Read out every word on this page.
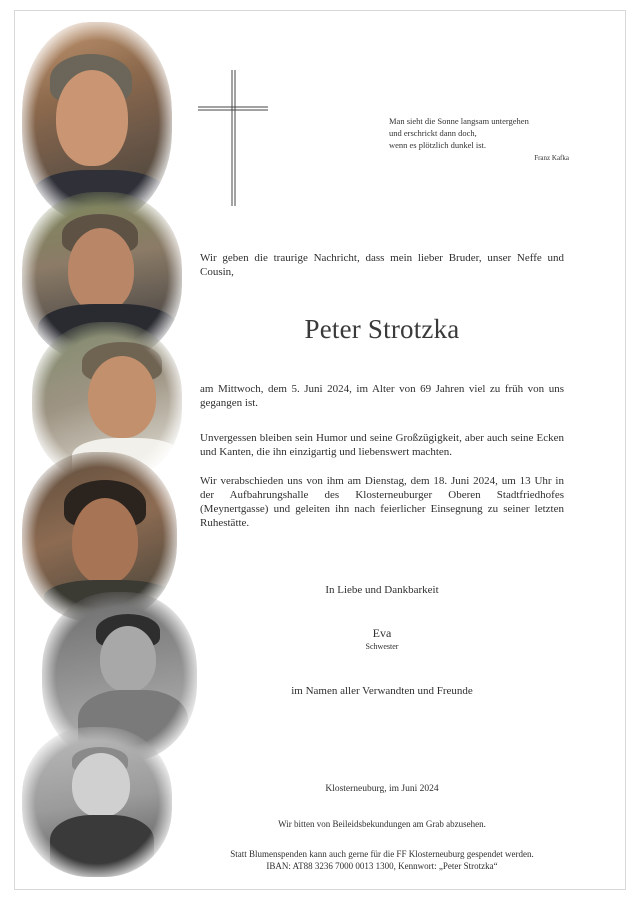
Man sieht die Sonne langsam untergehen
und erschrickt dann doch,
wenn es plötzlich dunkel ist.
Franz Kafka
Wir geben die traurige Nachricht, dass mein lieber Bruder, unser Neffe und Cousin,
Peter Strotzka
am Mittwoch, dem 5. Juni 2024, im Alter von 69 Jahren viel zu früh von uns gegangen ist.
Unvergessen bleiben sein Humor und seine Großzügigkeit, aber auch seine Ecken und Kanten, die ihn einzigartig und liebenswert machten.
Wir verabschieden uns von ihm am Dienstag, dem 18. Juni 2024, um 13 Uhr in der Aufbahrungshalle des Klosterneuburger Oberen Stadtfriedhofes (Meynertgasse) und geleiten ihn nach feierlicher Einsegnung zu seiner letzten Ruhestätte.
In Liebe und Dankbarkeit
Eva
Schwester
im Namen aller Verwandten und Freunde
Klosterneuburg, im Juni 2024
Wir bitten von Beileidsbekundungen am Grab abzusehen.
Statt Blumenspenden kann auch gerne für die FF Klosterneuburg gespendet werden.
IBAN: AT88 3236 7000 0013 1300, Kennwort: „Peter Strotzka“
